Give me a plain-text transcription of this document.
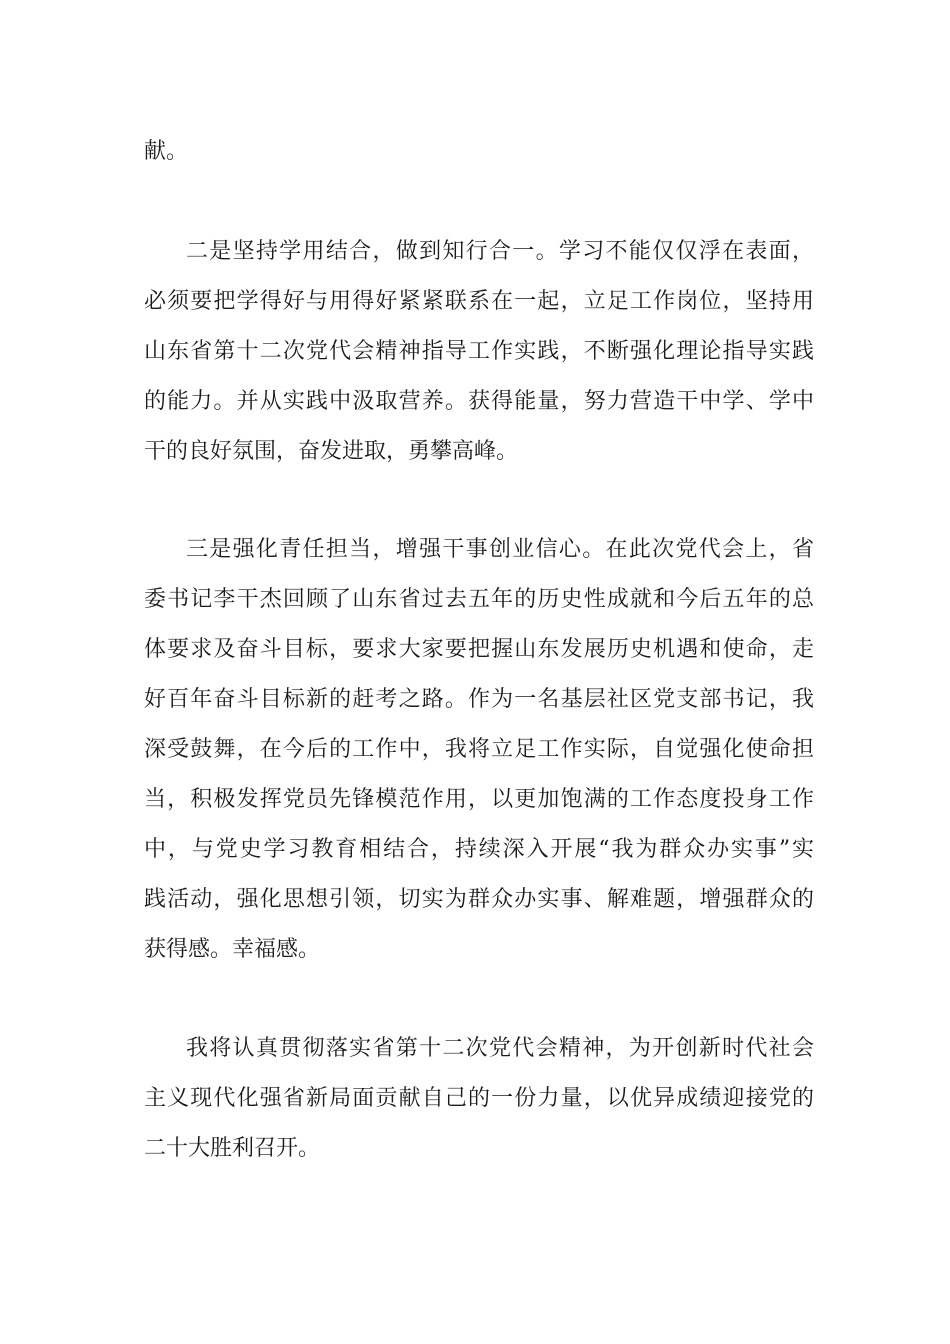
献。
二是坚持学用结合，做到知行合一。学习不能仅仅浮在表面，
必须要把学得好与用得好紧紧联系在一起，立足工作岗位，坚持用
山东省第十二次党代会精神指导工作实践，不断强化理论指导实践
的能力。并从实践中汲取营养。获得能量，努力营造干中学、学中
干的良好氛围，奋发进取，勇攀高峰。
三是强化青任担当，增强干事创业信心。在此次党代会上，省
委书记李干杰回顾了山东省过去五年的历史性成就和今后五年的总
体要求及奋斗目标，要求大家要把握山东发展历史机遇和使命，走
好百年奋斗目标新的赶考之路。作为一名基层社区党支部书记，我
深受鼓舞，在今后的工作中，我将立足工作实际，自觉强化使命担
当，积极发挥党员先锋模范作用，以更加饱满的工作态度投身工作
中，与党史学习教育相结合，持续深入开展“我为群众办实事”实
践活动，强化思想引领，切实为群众办实事、解难题，增强群众的
获得感。幸福感。
我将认真贯彻落实省第十二次党代会精神，为开创新时代社会
主义现代化强省新局面贡献自己的一份力量，以优异成绩迎接党的
二十大胜利召开。
